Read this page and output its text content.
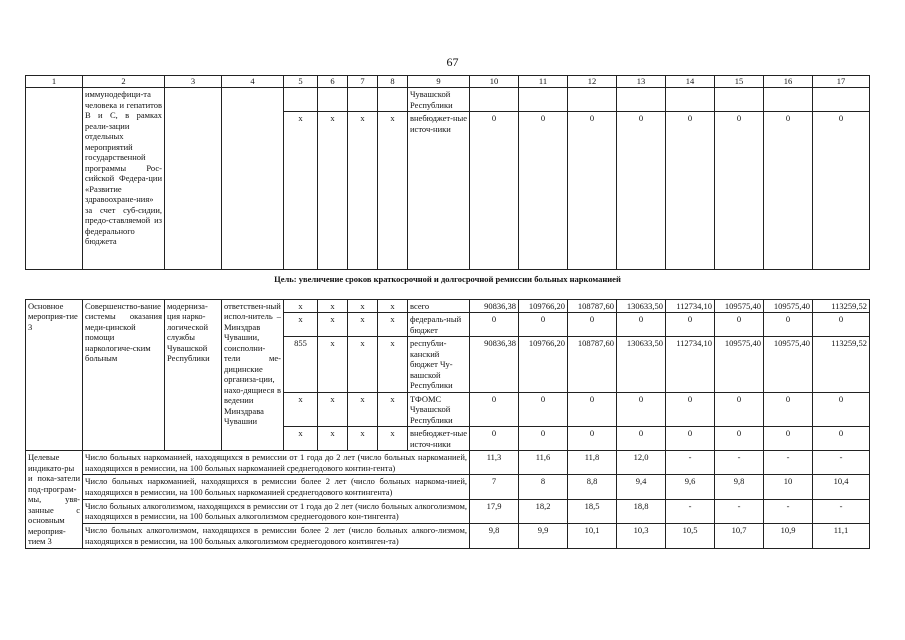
67
1	2	3	4	5	6	7	8	9	10	11	12	13	14	15	16	17
	иммунодефици-та человека и гепатитов В и С, в рамках реали-зации отдельных мероприятий государственной программы Рос-сийской Федера-ции «Развитие здравоохране-ния» за счет суб-сидии, предо-ставляемой из федерального бюджета							Чувашской Республики								
				x	x	x	x	внебюджет-ные источ-ники	0	0	0	0	0	0	0	0
Цель: увеличение сроков краткосрочной и долгосрочной ремиссии больных наркоманией																
Основное мероприя-тие 3	Совершенство-вание системы оказания меди-цинской помощи наркологиче-ским больным	модерниза-ция нарко-логической службы Чувашской Республики	ответствен-ный испол-нитель – Минздрав Чувашии, соисполни-тели ме-дицинские организа-ции, нахо-дящиеся в ведении Минздрава Чувашии	x	x	x	x	всего	90836,38	109766,20	108787,60	130633,50	112734,10	109575,40	109575,40	113259,52
				x	x	x	x	федераль-ный бюджет	0	0	0	0	0	0	0	0
				855	x	x	x	республи-канский бюджет Чу-вашской Республики	90836,38	109766,20	108787,60	130633,50	112734,10	109575,40	109575,40	113259,52
				x	x	x	x	ТФОМС Чувашской Республики	0	0	0	0	0	0	0	0
				x	x	x	x	внебюджет-ные источ-ники	0	0	0	0	0	0	0	0
Целевые индикато-ры и пока-затели под-програм-мы, увя-занные с основным мероприя-тием 3	Число больных наркоманией, находящихся в ремиссии от 1 года до 2 лет (число больных наркоманией, находящихся в ремиссии, на 100 больных наркоманией среднегодового контин-гента)								11,3	11,6	11,8	12,0	-	-	-	-
	Число больных наркоманией, находящихся в ремиссии более 2 лет (число больных наркома-нией, находящихся в ремиссии, на 100 больных наркоманией среднегодового контингента)								7	8	8,8	9,4	9,6	9,8	10	10,4
	Число больных алкоголизмом, находящихся в ремиссии от 1 года до 2 лет (число больных алкоголизмом, находящихся в ремиссии, на 100 больных алкоголизмом среднегодового кон-тингента)								17,9	18,2	18,5	18,8	-	-	-	-
	Число больных алкоголизмом, находящихся в ремиссии более 2 лет (число больных алкого-лизмом, находящихся в ремиссии, на 100 больных алкоголизмом среднегодового континген-та)								9,8	9,9	10,1	10,3	10,5	10,7	10,9	11,1
